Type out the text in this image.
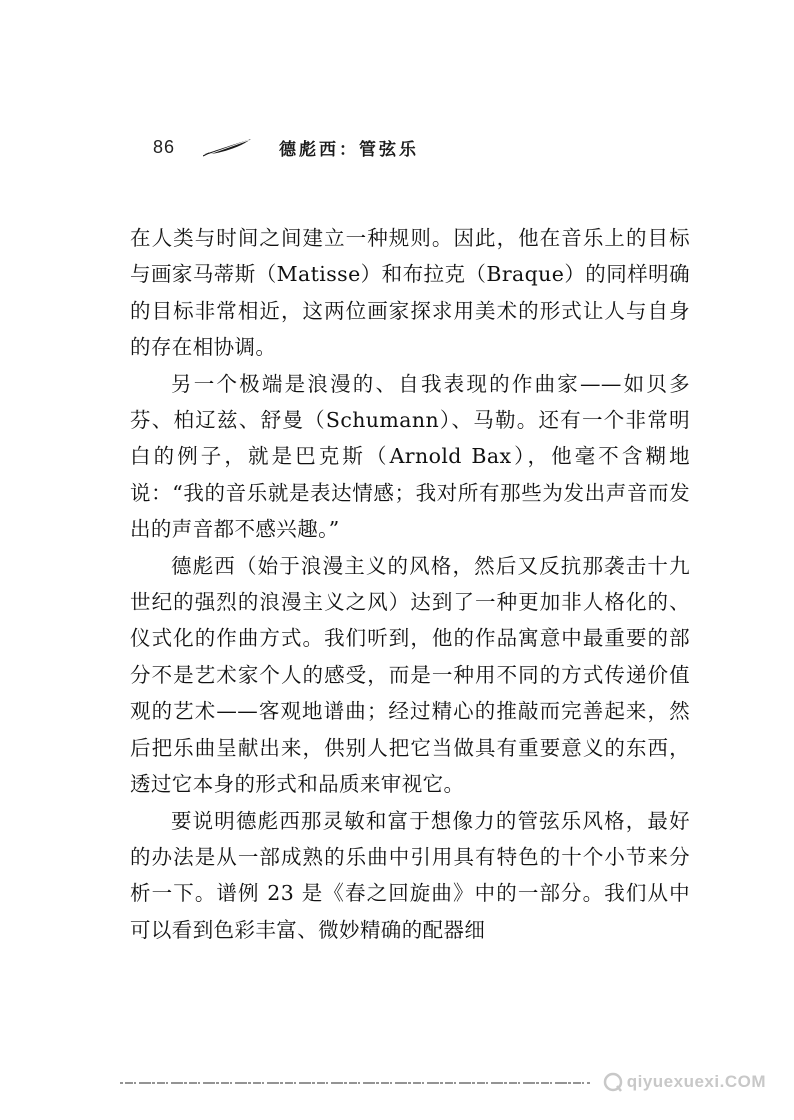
86	德彪西：管弦乐

在人类与时间之间建立一种规则。因此，他在音乐上的目标与画家马蒂斯（Matisse）和布拉克（Braque）的同样明确的目标非常相近，这两位画家探求用美术的形式让人与自身的存在相协调。

另一个极端是浪漫的、自我表现的作曲家——如贝多芬、柏辽兹、舒曼（Schumann）、马勒。还有一个非常明白的例子，就是巴克斯（Arnold Bax），他毫不含糊地说：“我的音乐就是表达情感；我对所有那些为发出声音而发出的声音都不感兴趣。”

德彪西（始于浪漫主义的风格，然后又反抗那袭击十九世纪的强烈的浪漫主义之风）达到了一种更加非人格化的、仪式化的作曲方式。我们听到，他的作品寓意中最重要的部分不是艺术家个人的感受，而是一种用不同的方式传递价值观的艺术——客观地谱曲；经过精心的推敲而完善起来，然后把乐曲呈献出来，供别人把它当做具有重要意义的东西，透过它本身的形式和品质来审视它。

要说明德彪西那灵敏和富于想像力的管弦乐风格，最好的办法是从一部成熟的乐曲中引用具有特色的十个小节来分析一下。谱例 23 是《春之回旋曲》中的一部分。我们从中可以看到色彩丰富、微妙精确的配器细

qiyuexuexi.COM
